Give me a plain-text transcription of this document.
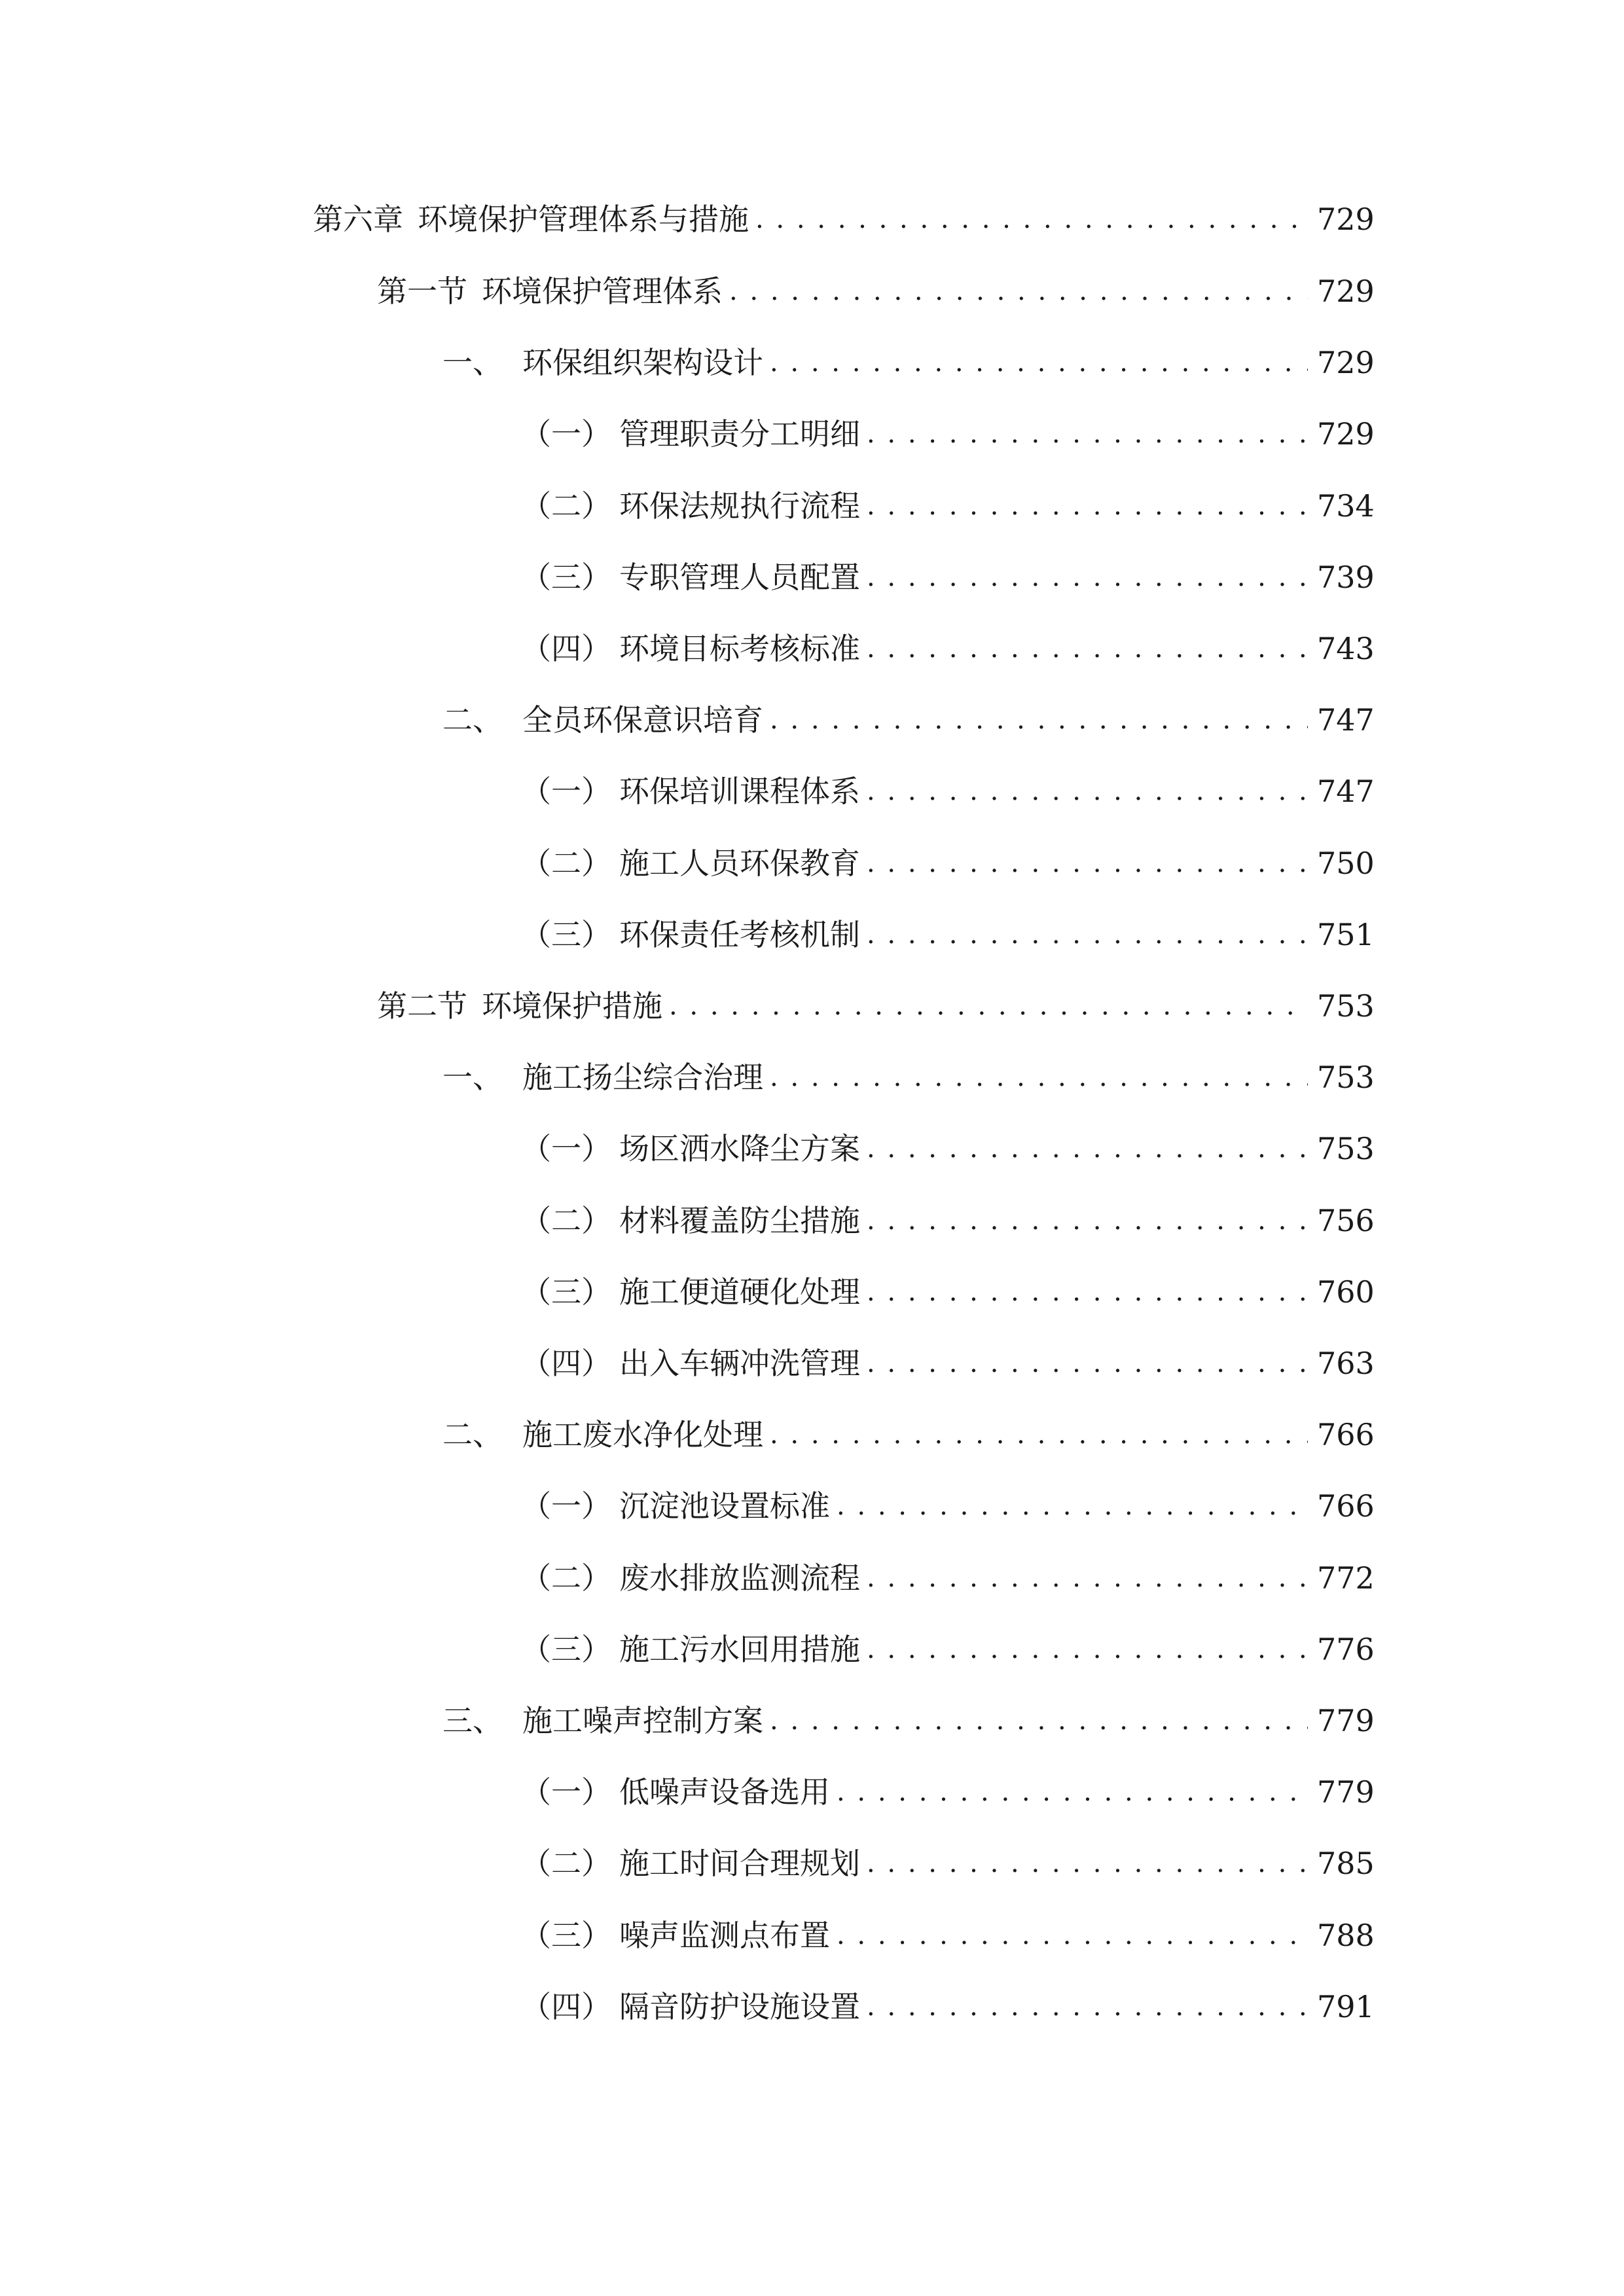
第六章 环境保护管理体系与措施 . . .	729
第一节 环境保护管理体系 . . .	729
一、 环保组织架构设计 . . .	729
（一） 管理职责分工明细 . . .	729
（二） 环保法规执行流程 . . .	734
（三） 专职管理人员配置 . . .	739
（四） 环境目标考核标准 . . .	743
二、 全员环保意识培育 . . .	747
（一） 环保培训课程体系 . . .	747
（二） 施工人员环保教育 . . .	750
（三） 环保责任考核机制 . . .	751
第二节 环境保护措施 . . .	753
一、 施工扬尘综合治理 . . .	753
（一） 场区洒水降尘方案 . . .	753
（二） 材料覆盖防尘措施 . . .	756
（三） 施工便道硬化处理 . . .	760
（四） 出入车辆冲洗管理 . . .	763
二、 施工废水净化处理 . . .	766
（一） 沉淀池设置标准 . . .	766
（二） 废水排放监测流程 . . .	772
（三） 施工污水回用措施 . . .	776
三、 施工噪声控制方案 . . .	779
（一） 低噪声设备选用 . . .	779
（二） 施工时间合理规划 . . .	785
（三） 噪声监测点布置 . . .	788
（四） 隔音防护设施设置 . . .	791
